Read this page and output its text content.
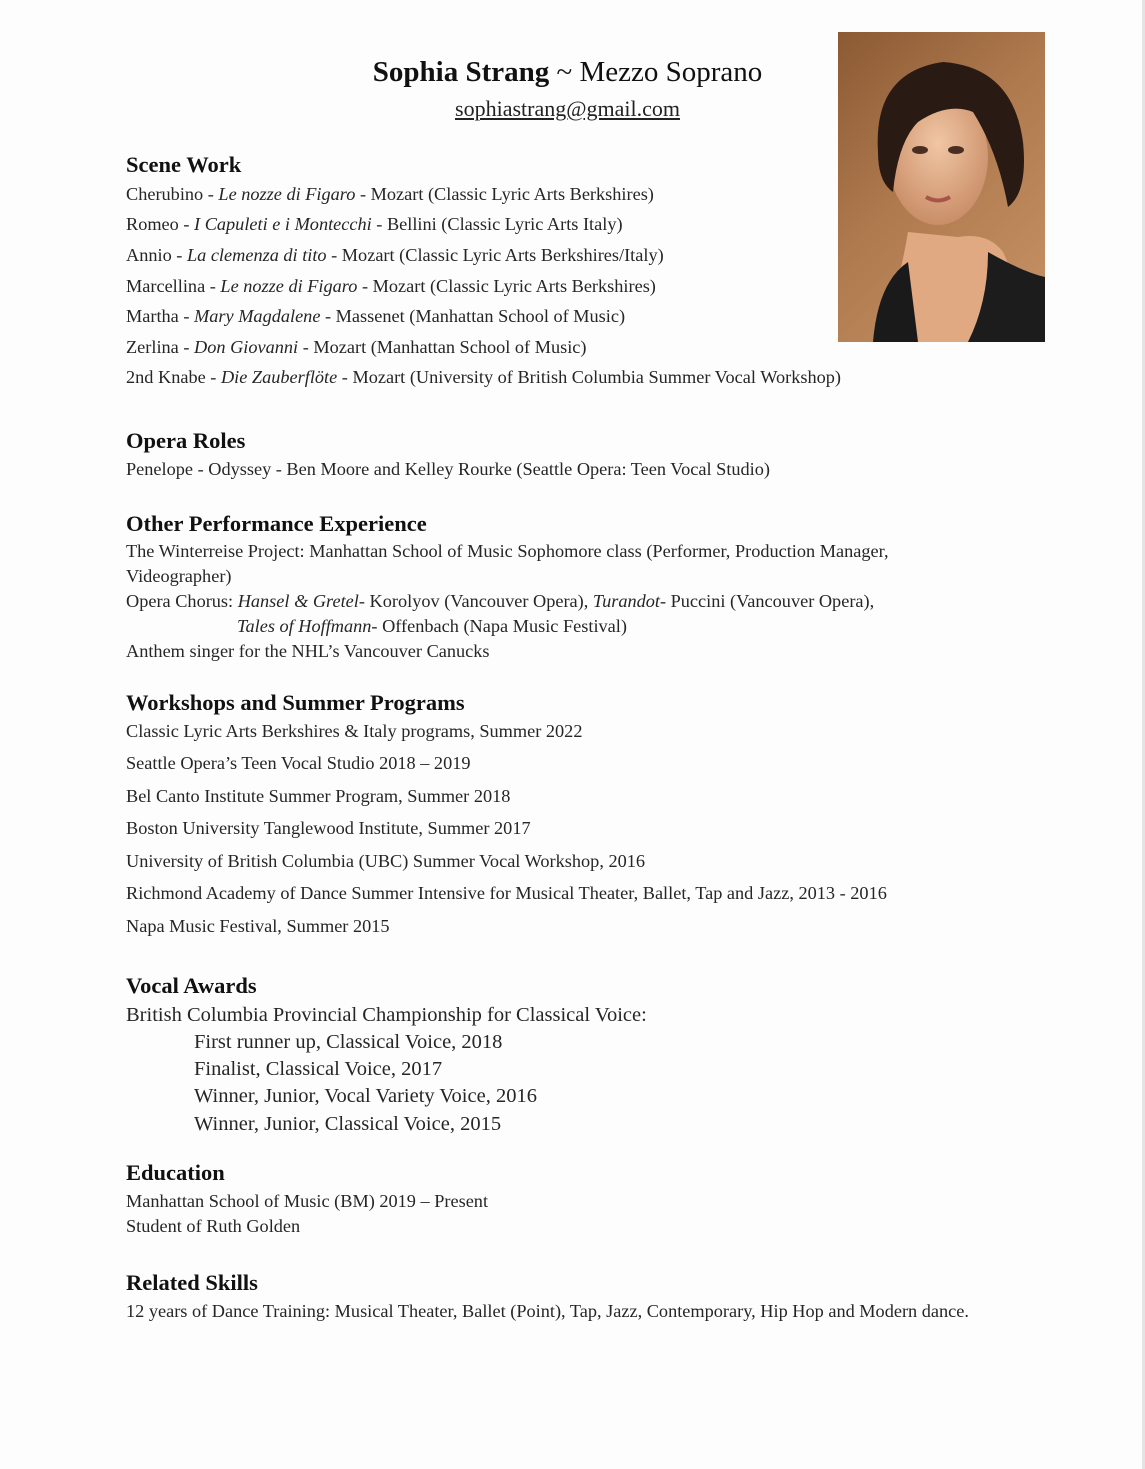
Sophia Strang ~ Mezzo Soprano
sophiastrang@gmail.com
Scene Work
Cherubino - Le nozze di Figaro - Mozart (Classic Lyric Arts Berkshires)
Romeo - I Capuleti e i Montecchi - Bellini (Classic Lyric Arts Italy)
Annio - La clemenza di tito - Mozart (Classic Lyric Arts Berkshires/Italy)
Marcellina - Le nozze di Figaro - Mozart (Classic Lyric Arts Berkshires)
Martha - Mary Magdalene - Massenet (Manhattan School of Music)
Zerlina - Don Giovanni - Mozart (Manhattan School of Music)
2nd Knabe - Die Zauberflöte - Mozart (University of British Columbia Summer Vocal Workshop)
Opera Roles
Penelope - Odyssey - Ben Moore and Kelley Rourke (Seattle Opera: Teen Vocal Studio)
Other Performance Experience
The Winterreise Project: Manhattan School of Music Sophomore class (Performer, Production Manager,
Videographer)
Opera Chorus: Hansel & Gretel- Korolyov (Vancouver Opera), Turandot- Puccini (Vancouver Opera),
Tales of Hoffmann- Offenbach (Napa Music Festival)
Anthem singer for the NHL’s Vancouver Canucks
Workshops and Summer Programs
Classic Lyric Arts Berkshires & Italy programs, Summer 2022
Seattle Opera’s Teen Vocal Studio 2018 – 2019
Bel Canto Institute Summer Program, Summer 2018
Boston University Tanglewood Institute, Summer 2017
University of British Columbia (UBC) Summer Vocal Workshop, 2016
Richmond Academy of Dance Summer Intensive for Musical Theater, Ballet, Tap and Jazz, 2013 - 2016
Napa Music Festival, Summer 2015
Vocal Awards
British Columbia Provincial Championship for Classical Voice:
First runner up, Classical Voice, 2018
Finalist, Classical Voice, 2017
Winner, Junior, Vocal Variety Voice, 2016
Winner, Junior, Classical Voice, 2015
Education
Manhattan School of Music (BM) 2019 – Present
Student of Ruth Golden
Related Skills
12 years of Dance Training: Musical Theater, Ballet (Point), Tap, Jazz, Contemporary, Hip Hop and Modern dance.
